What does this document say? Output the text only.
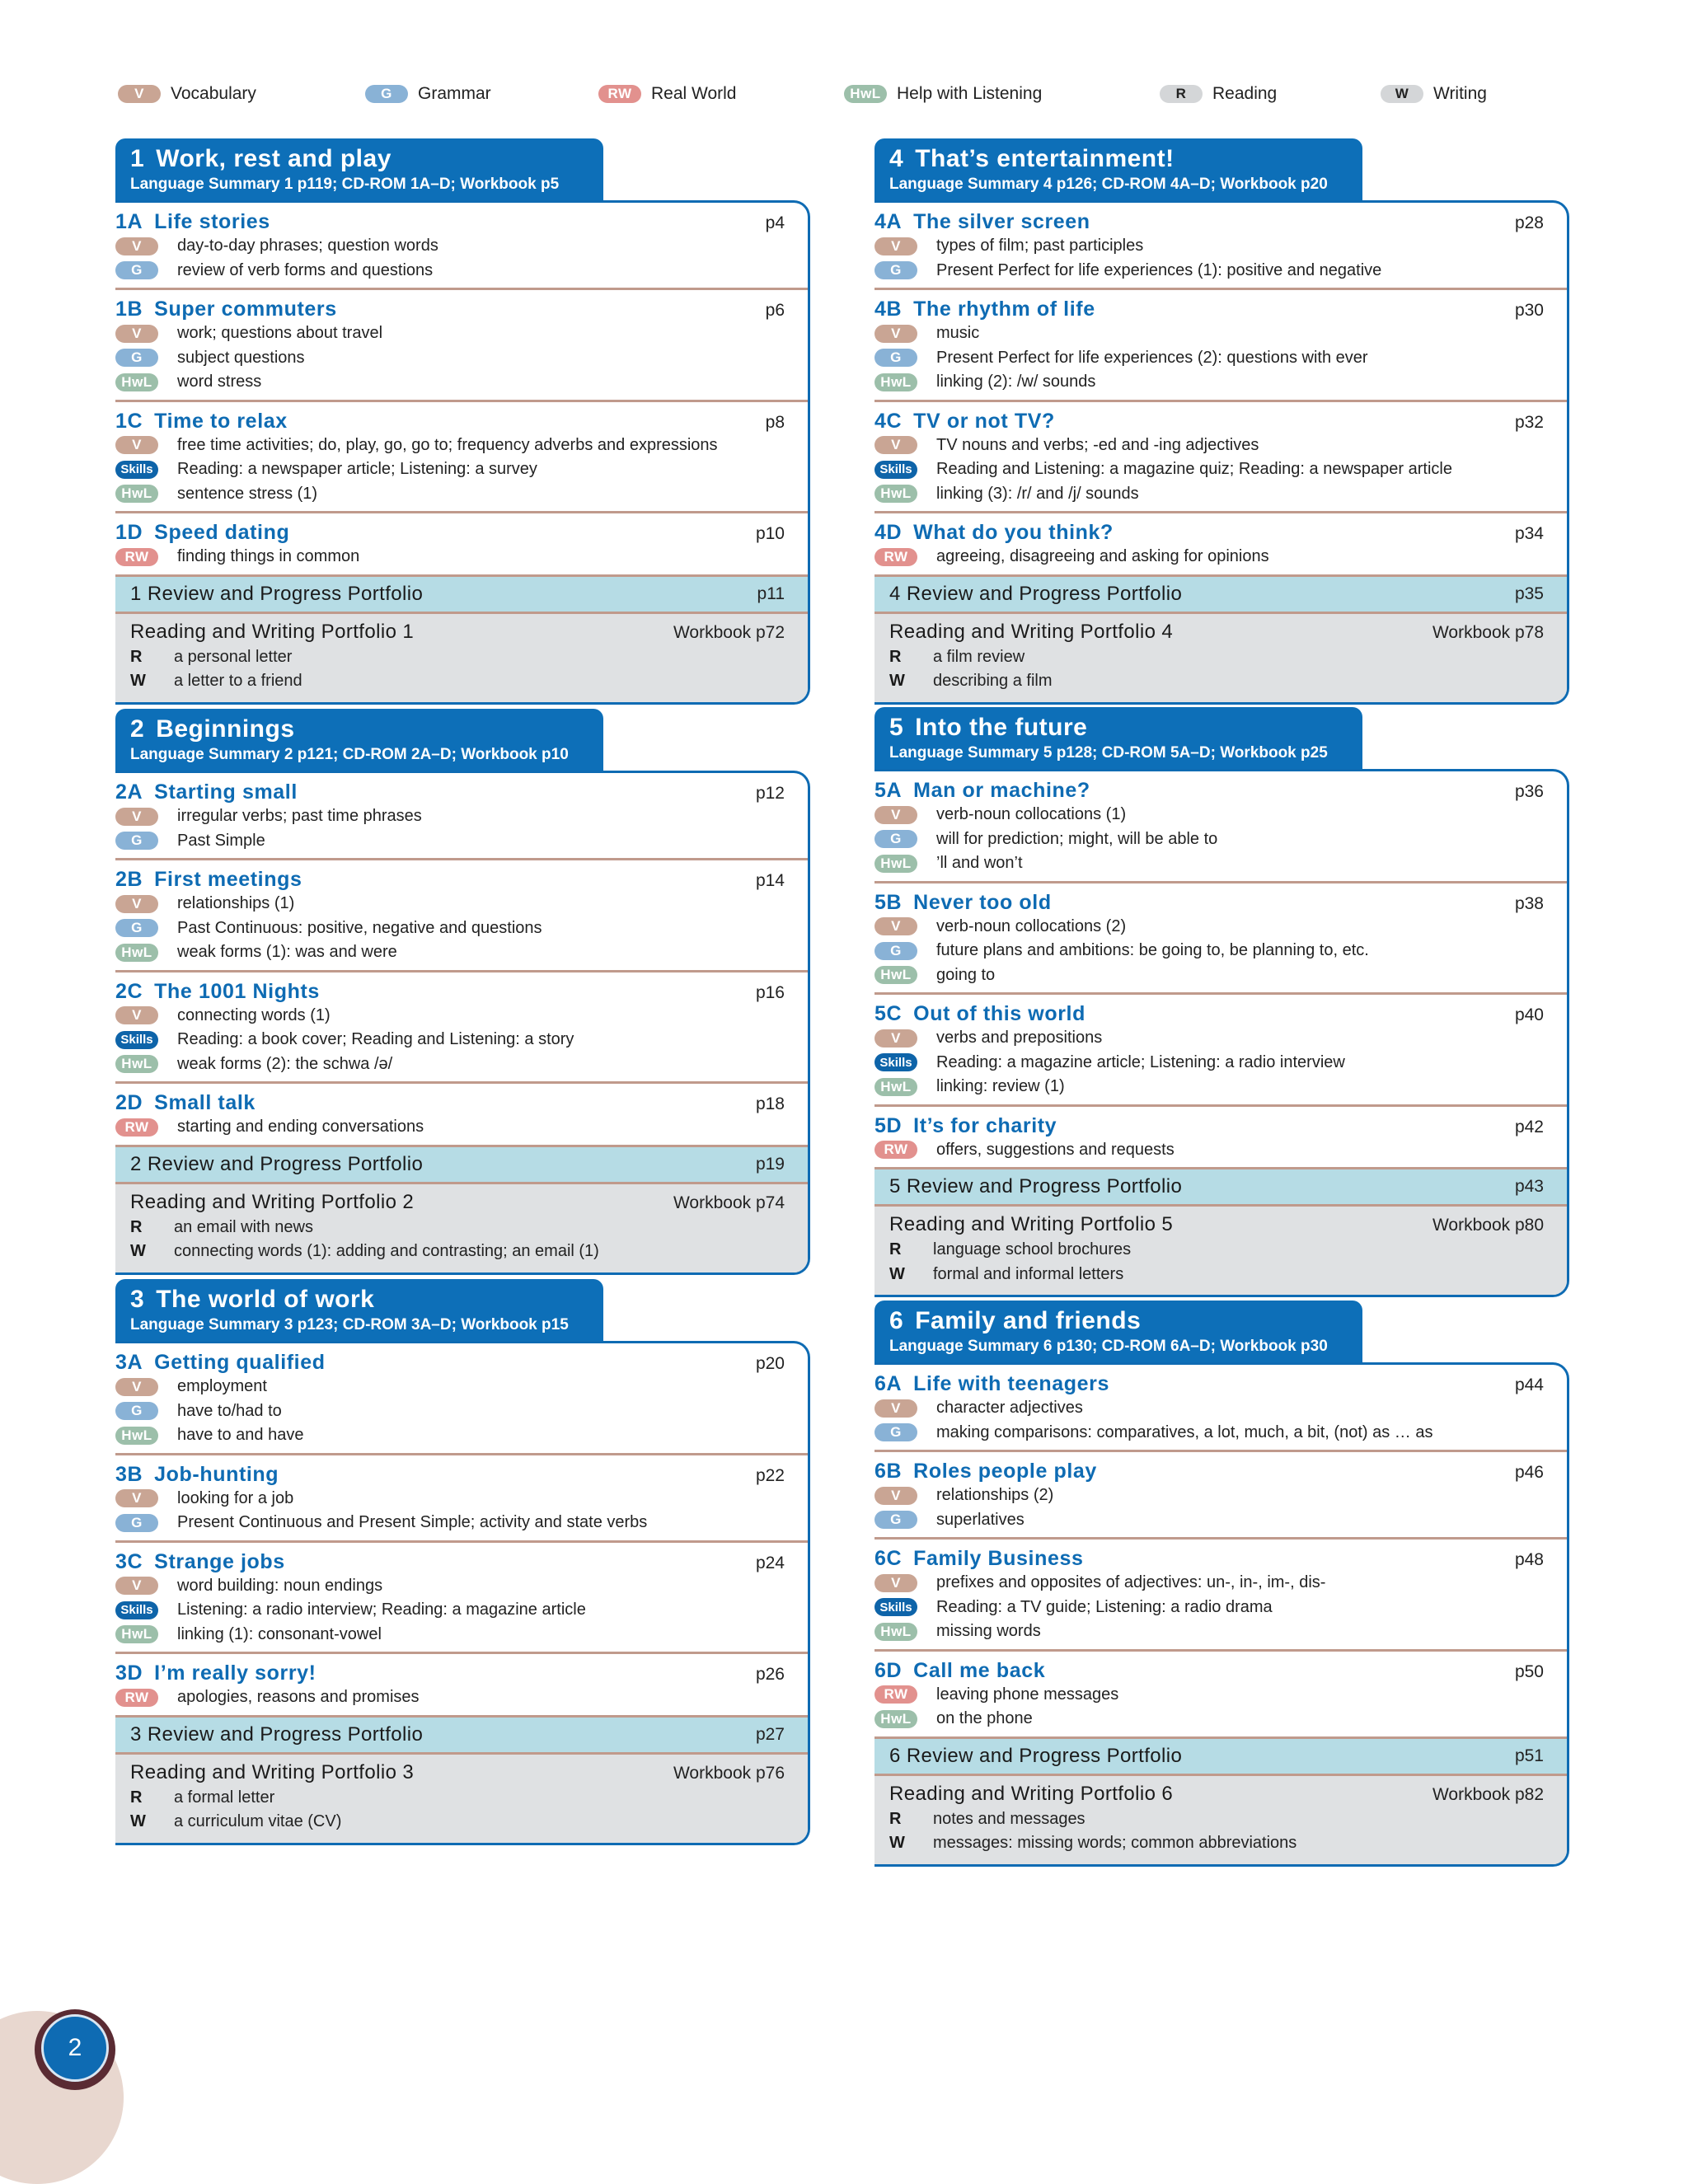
V	Vocabulary	G	Grammar	RW	Real World	HwL Help with Listening	R	Reading	W	Writing
1 Work, rest and play
Language Summary 1 p119; CD-ROM 1A–D; Workbook p5
1A Life stories	p4
V	day-to-day phrases; question words
G	review of verb forms and questions
1B Super commuters	p6
V	work; questions about travel
G	subject questions
HwL	word stress
1C Time to relax	p8
V	free time activities; do, play, go, go to; frequency adverbs and expressions
Skills	Reading: a newspaper article; Listening: a survey
HwL	sentence stress (1)
1D Speed dating	p10
RW	finding things in common
1 Review and Progress Portfolio	p11
Reading and Writing Portfolio 1	Workbook p72
R a personal letter
W a letter to a friend
2 Beginnings
Language Summary 2 p121; CD-ROM 2A–D; Workbook p10
2A Starting small	p12
V	irregular verbs; past time phrases
G	Past Simple
2B First meetings	p14
V	relationships (1)
G	Past Continuous: positive, negative and questions
HwL	weak forms (1): was and were
2C The 1001 Nights	p16
V	connecting words (1)
Skills	Reading: a book cover; Reading and Listening: a story
HwL	weak forms (2): the schwa /ə/
2D Small talk	p18
RW	starting and ending conversations
2 Review and Progress Portfolio	p19
Reading and Writing Portfolio 2	Workbook p74
R an email with news
W connecting words (1): adding and contrasting; an email (1)
3 The world of work
Language Summary 3 p123; CD-ROM 3A–D; Workbook p15
3A Getting qualified	p20
V	employment
G	have to/had to
HwL	have to and have
3B Job-hunting	p22
V	looking for a job
G	Present Continuous and Present Simple; activity and state verbs
3C Strange jobs	p24
V	word building: noun endings
Skills	Listening: a radio interview; Reading: a magazine article
HwL	linking (1): consonant-vowel
3D I’m really sorry!	p26
RW	apologies, reasons and promises
3 Review and Progress Portfolio	p27
Reading and Writing Portfolio 3	Workbook p76
R a formal letter
W a curriculum vitae (CV)
4 That’s entertainment!
Language Summary 4 p126; CD-ROM 4A–D; Workbook p20
4A The silver screen	p28
V	types of film; past participles
G	Present Perfect for life experiences (1): positive and negative
4B The rhythm of life	p30
V	music
G	Present Perfect for life experiences (2): questions with ever
HwL	linking (2): /w/ sounds
4C TV or not TV?	p32
V	TV nouns and verbs; -ed and -ing adjectives
Skills	Reading and Listening: a magazine quiz; Reading: a newspaper article
HwL	linking (3): /r/ and /j/ sounds
4D What do you think?	p34
RW	agreeing, disagreeing and asking for opinions
4 Review and Progress Portfolio	p35
Reading and Writing Portfolio 4	Workbook p78
R a film review
W describing a film
5 Into the future
Language Summary 5 p128; CD-ROM 5A–D; Workbook p25
5A Man or machine?	p36
V	verb-noun collocations (1)
G	will for prediction; might, will be able to
HwL	’ll and won’t
5B Never too old	p38
V	verb-noun collocations (2)
G	future plans and ambitions: be going to, be planning to, etc.
HwL	going to
5C Out of this world	p40
V	verbs and prepositions
Skills	Reading: a magazine article; Listening: a radio interview
HwL	linking: review (1)
5D It’s for charity	p42
RW	offers, suggestions and requests
5 Review and Progress Portfolio	p43
Reading and Writing Portfolio 5	Workbook p80
R language school brochures
W formal and informal letters
6 Family and friends
Language Summary 6 p130; CD-ROM 6A–D; Workbook p30
6A Life with teenagers	p44
V	character adjectives
G	making comparisons: comparatives, a lot, much, a bit, (not) as … as
6B Roles people play	p46
V	relationships (2)
G	superlatives
6C Family Business	p48
V	prefixes and opposites of adjectives: un-, in-, im-, dis-
Skills	Reading: a TV guide; Listening: a radio drama
HwL	missing words
6D Call me back	p50
RW	leaving phone messages
HwL	on the phone
6 Review and Progress Portfolio	p51
Reading and Writing Portfolio 6	Workbook p82
R notes and messages
W messages: missing words; common abbreviations
2
